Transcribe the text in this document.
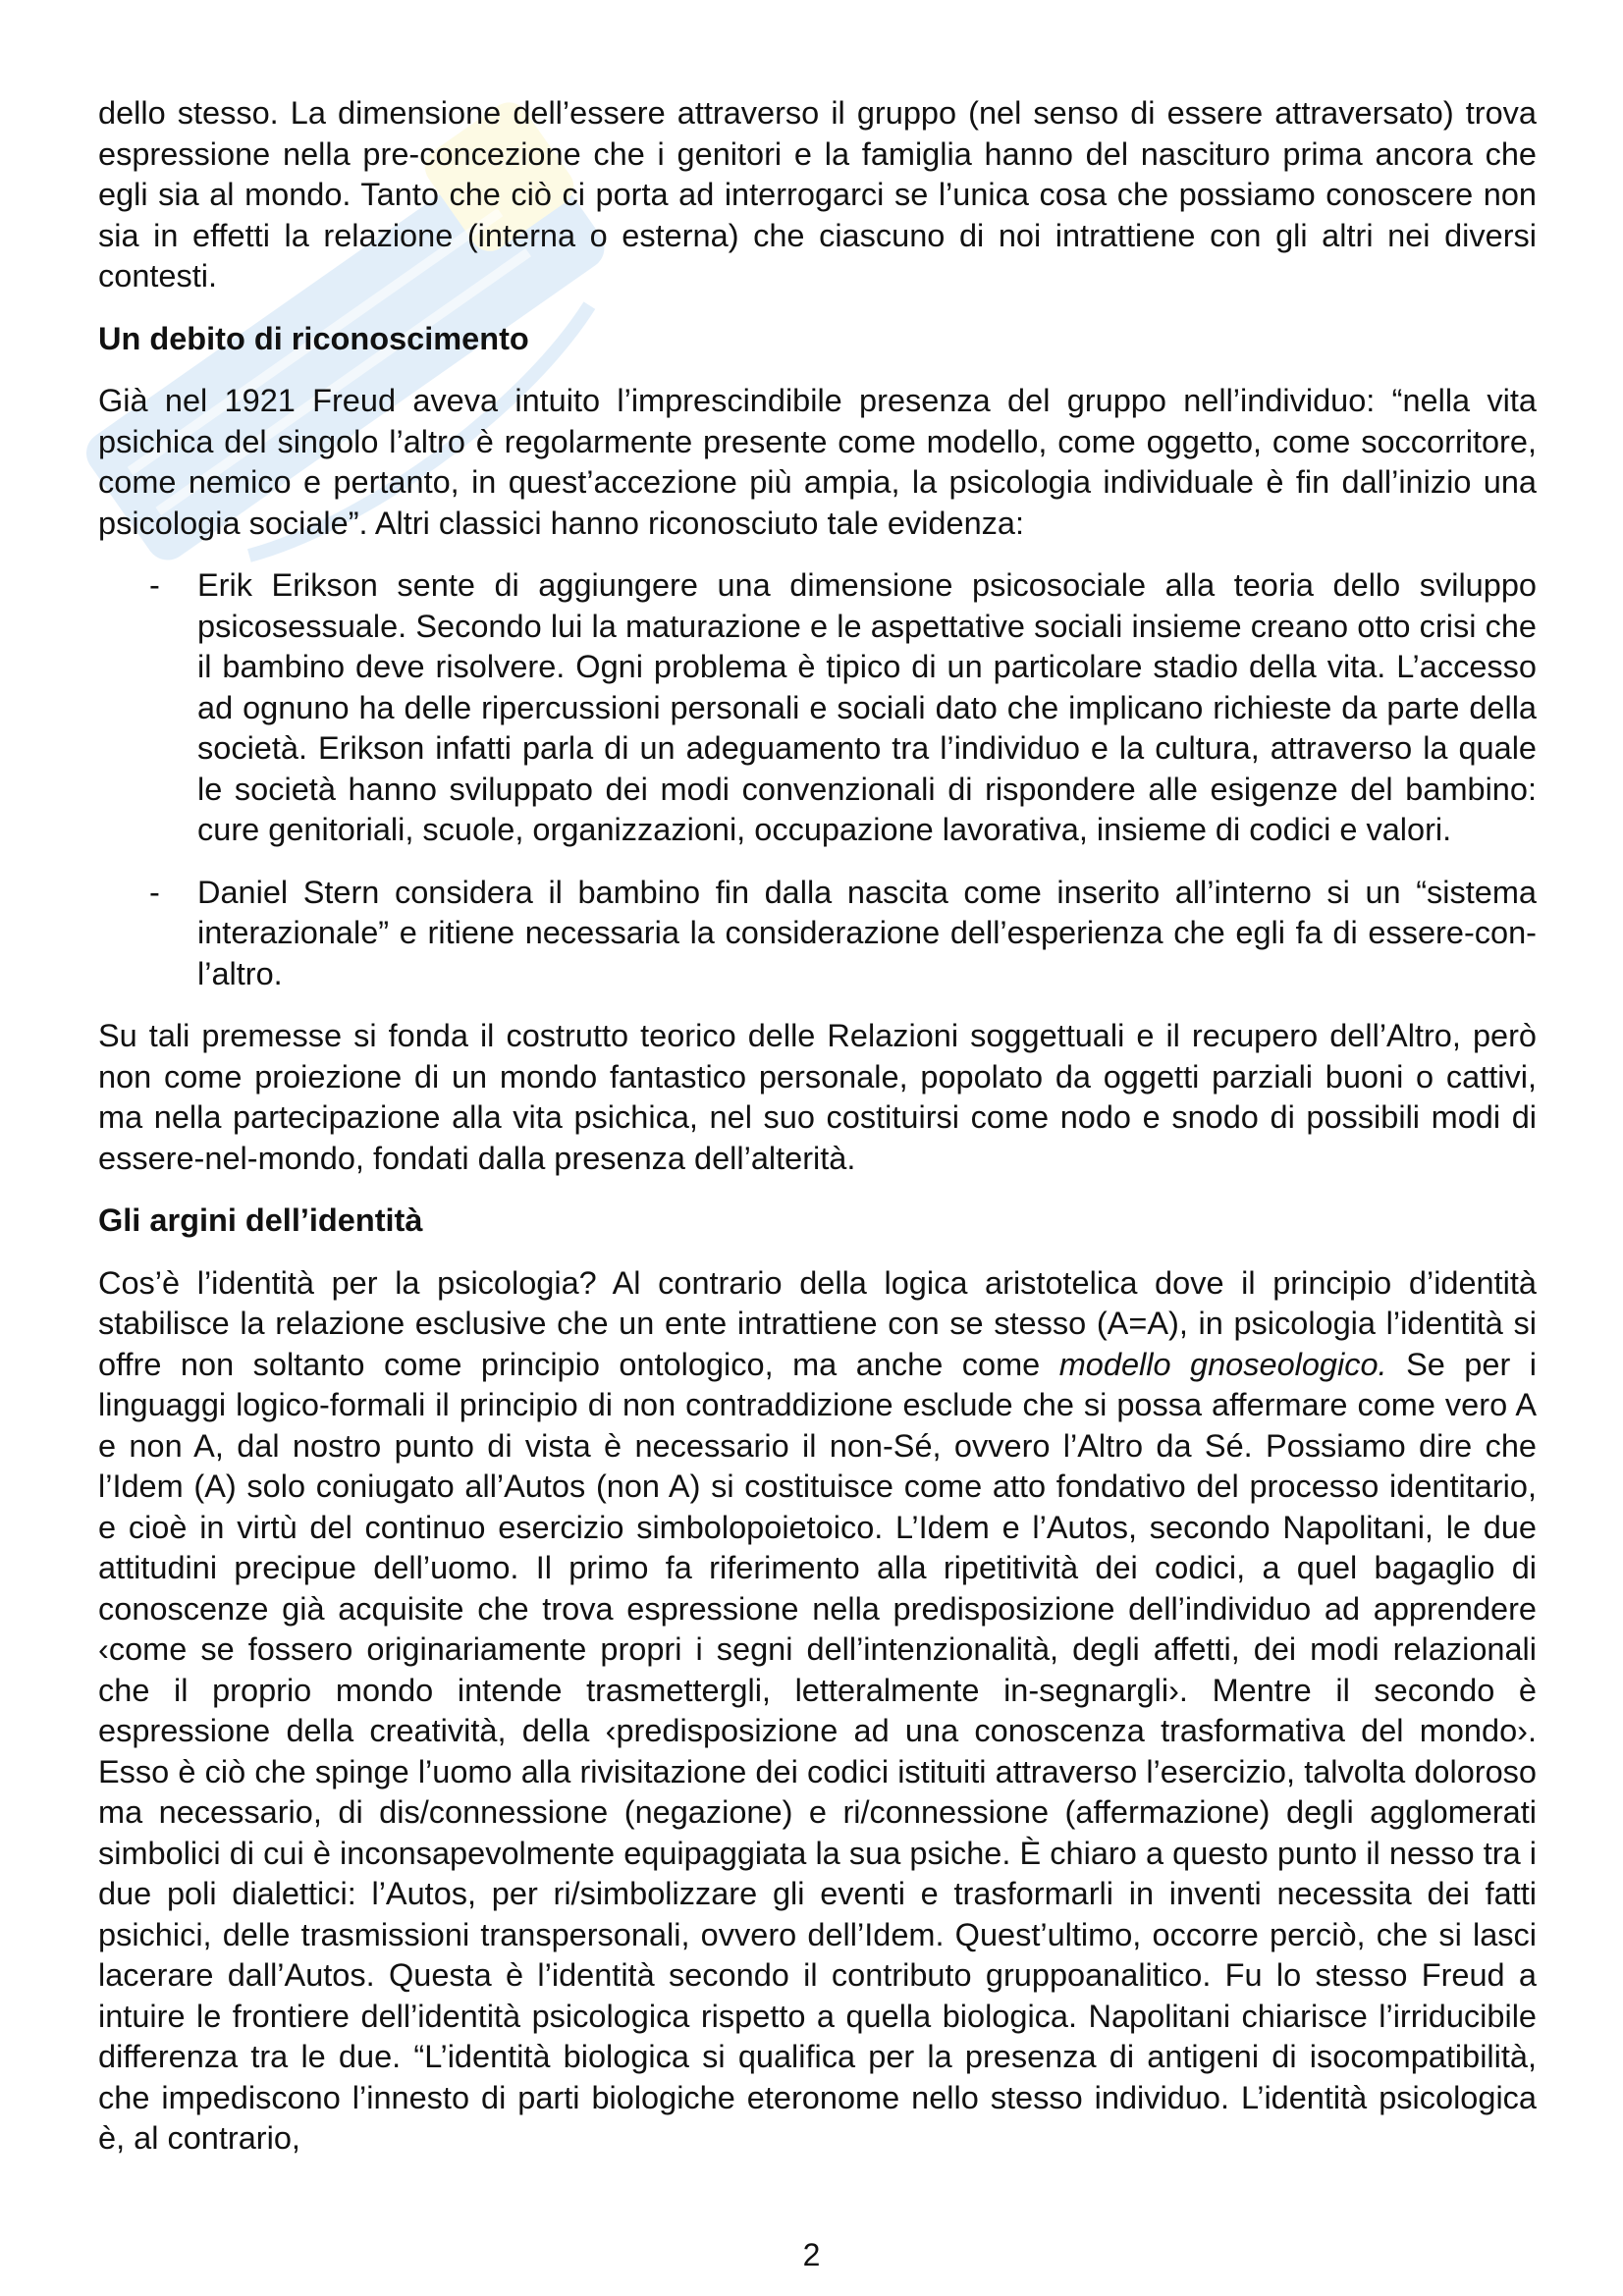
dello stesso. La dimensione dell’essere attraverso il gruppo (nel senso di essere attraversato) trova espressione nella pre-concezione che i genitori e la famiglia hanno del nascituro prima ancora che egli sia al mondo. Tanto che ciò ci porta ad interrogarci se l’unica cosa che possiamo conoscere non sia in effetti la relazione (interna o esterna) che ciascuno di noi intrattiene con gli altri nei diversi contesti.

Un debito di riconoscimento

Già nel 1921 Freud aveva intuito l’imprescindibile presenza del gruppo nell’individuo: “nella vita psichica del singolo l’altro è regolarmente presente come modello, come oggetto, come soccorritore, come nemico e pertanto, in quest’accezione più ampia, la psicologia individuale è fin dall’inizio una psicologia sociale”. Altri classici hanno riconosciuto tale evidenza:

- Erik Erikson sente di aggiungere una dimensione psicosociale alla teoria dello sviluppo psicosessuale. Secondo lui la maturazione e le aspettative sociali insieme creano otto crisi che il bambino deve risolvere. Ogni problema è tipico di un particolare stadio della vita. L’accesso ad ognuno ha delle ripercussioni personali e sociali dato che implicano richieste da parte della società. Erikson infatti parla di un adeguamento tra l’individuo e la cultura, attraverso la quale le società hanno sviluppato dei modi convenzionali di rispondere alle esigenze del bambino: cure genitoriali, scuole, organizzazioni, occupazione lavorativa, insieme di codici e valori.
- Daniel Stern considera il bambino fin dalla nascita come inserito all’interno si un “sistema interazionale” e ritiene necessaria la considerazione dell’esperienza che egli fa di essere-con-l’altro.

Su tali premesse si fonda il costrutto teorico delle Relazioni soggettuali e il recupero dell’Altro, però non come proiezione di un mondo fantastico personale, popolato da oggetti parziali buoni o cattivi, ma nella partecipazione alla vita psichica, nel suo costituirsi come nodo e snodo di possibili modi di essere-nel-mondo, fondati dalla presenza dell’alterità.

Gli argini dell’identità

Cos’è l’identità per la psicologia? Al contrario della logica aristotelica dove il principio d’identità stabilisce la relazione esclusive che un ente intrattiene con se stesso (A=A), in psicologia l’identità si offre non soltanto come principio ontologico, ma anche come modello gnoseologico. Se per i linguaggi logico-formali il principio di non contraddizione esclude che si possa affermare come vero A e non A, dal nostro punto di vista è necessario il non-Sé, ovvero l’Altro da Sé. Possiamo dire che l’Idem (A) solo coniugato all’Autos (non A) si costituisce come atto fondativo del processo identitario, e cioè in virtù del continuo esercizio simbolopoietoico. L’Idem e l’Autos, secondo Napolitani, le due attitudini precipue dell’uomo. Il primo fa riferimento alla ripetitività dei codici, a quel bagaglio di conoscenze già acquisite che trova espressione nella predisposizione dell’individuo ad apprendere ‹come se fossero originariamente propri i segni dell’intenzionalità, degli affetti, dei modi relazionali che il proprio mondo intende trasmettergli, letteralmente in-segnargli›. Mentre il secondo è espressione della creatività, della ‹predisposizione ad una conoscenza trasformativa del mondo›. Esso è ciò che spinge l’uomo alla rivisitazione dei codici istituiti attraverso l’esercizio, talvolta doloroso ma necessario, di dis/connessione (negazione) e ri/connessione (affermazione) degli agglomerati simbolici di cui è inconsapevolmente equipaggiata la sua psiche. È chiaro a questo punto il nesso tra i due poli dialettici: l’Autos, per ri/simbolizzare gli eventi e trasformarli in inventi necessita dei fatti psichici, delle trasmissioni transpersonali, ovvero dell’Idem. Quest’ultimo, occorre perciò, che si lasci lacerare dall’Autos. Questa è l’identità secondo il contributo gruppoanalitico. Fu lo stesso Freud a intuire le frontiere dell’identità psicologica rispetto a quella biologica. Napolitani chiarisce l’irriducibile differenza tra le due. “L’identità biologica si qualifica per la presenza di antigeni di isocompatibilità, che impediscono l’innesto di parti biologiche eteronome nello stesso individuo. L’identità psicologica è, al contrario,

2
